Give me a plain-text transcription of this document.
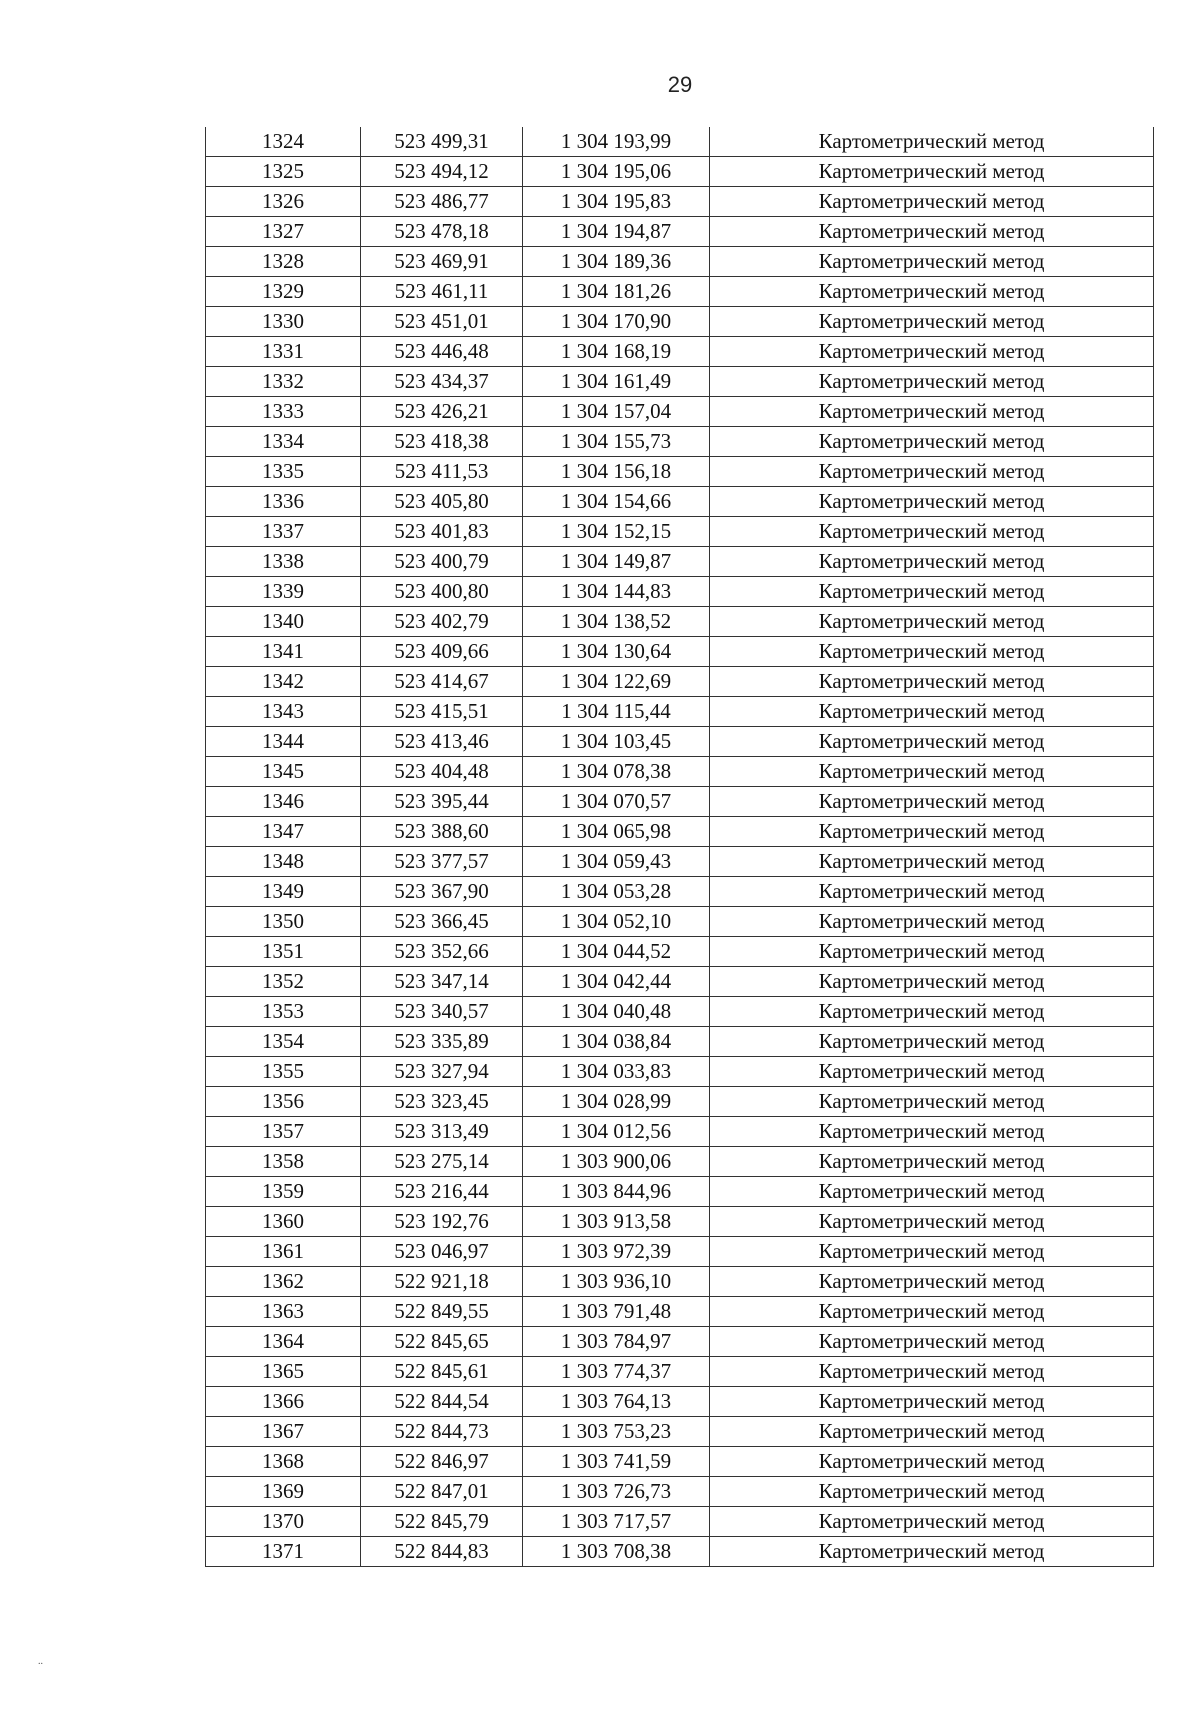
29
1324	523 499,31	1 304 193,99	Картометрический метод
1325	523 494,12	1 304 195,06	Картометрический метод
1326	523 486,77	1 304 195,83	Картометрический метод
1327	523 478,18	1 304 194,87	Картометрический метод
1328	523 469,91	1 304 189,36	Картометрический метод
1329	523 461,11	1 304 181,26	Картометрический метод
1330	523 451,01	1 304 170,90	Картометрический метод
1331	523 446,48	1 304 168,19	Картометрический метод
1332	523 434,37	1 304 161,49	Картометрический метод
1333	523 426,21	1 304 157,04	Картометрический метод
1334	523 418,38	1 304 155,73	Картометрический метод
1335	523 411,53	1 304 156,18	Картометрический метод
1336	523 405,80	1 304 154,66	Картометрический метод
1337	523 401,83	1 304 152,15	Картометрический метод
1338	523 400,79	1 304 149,87	Картометрический метод
1339	523 400,80	1 304 144,83	Картометрический метод
1340	523 402,79	1 304 138,52	Картометрический метод
1341	523 409,66	1 304 130,64	Картометрический метод
1342	523 414,67	1 304 122,69	Картометрический метод
1343	523 415,51	1 304 115,44	Картометрический метод
1344	523 413,46	1 304 103,45	Картометрический метод
1345	523 404,48	1 304 078,38	Картометрический метод
1346	523 395,44	1 304 070,57	Картометрический метод
1347	523 388,60	1 304 065,98	Картометрический метод
1348	523 377,57	1 304 059,43	Картометрический метод
1349	523 367,90	1 304 053,28	Картометрический метод
1350	523 366,45	1 304 052,10	Картометрический метод
1351	523 352,66	1 304 044,52	Картометрический метод
1352	523 347,14	1 304 042,44	Картометрический метод
1353	523 340,57	1 304 040,48	Картометрический метод
1354	523 335,89	1 304 038,84	Картометрический метод
1355	523 327,94	1 304 033,83	Картометрический метод
1356	523 323,45	1 304 028,99	Картометрический метод
1357	523 313,49	1 304 012,56	Картометрический метод
1358	523 275,14	1 303 900,06	Картометрический метод
1359	523 216,44	1 303 844,96	Картометрический метод
1360	523 192,76	1 303 913,58	Картометрический метод
1361	523 046,97	1 303 972,39	Картометрический метод
1362	522 921,18	1 303 936,10	Картометрический метод
1363	522 849,55	1 303 791,48	Картометрический метод
1364	522 845,65	1 303 784,97	Картометрический метод
1365	522 845,61	1 303 774,37	Картометрический метод
1366	522 844,54	1 303 764,13	Картометрический метод
1367	522 844,73	1 303 753,23	Картометрический метод
1368	522 846,97	1 303 741,59	Картометрический метод
1369	522 847,01	1 303 726,73	Картометрический метод
1370	522 845,79	1 303 717,57	Картометрический метод
1371	522 844,83	1 303 708,38	Картометрический метод
..
